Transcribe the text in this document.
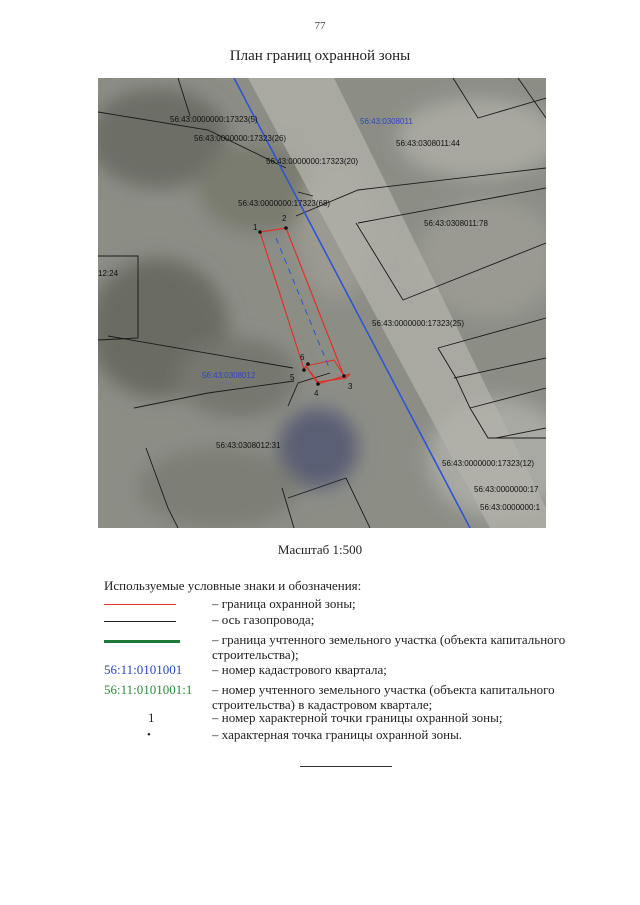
77
План границ охранной зоны
1
2
3
4
5
6
56:43:0000000:17323(5)
56:43:0000000:17323(26)
56:43:0000000:17323(20)
56:43:0000000:17323(68)
56:43:0308011:44
56:43:0308011:78
56:43:0000000:17323(25)
56:43:0308012:31
56:43:0000000:17323(12)
56:43:0000000:17
56:43:0000000:1
12:24
56:43:0308011
56:43:0308012
Масштаб 1:500
Используемые условные знаки и обозначения:
– граница охранной зоны;
– ось газопровода;
– граница учтенного земельного участка (объекта капитального строительства);
56:11:0101001 – номер кадастрового квартала;
56:11:0101001:1 – номер учтенного земельного участка (объекта капитального строительства) в кадастровом квартале;
1	– номер характерной точки границы охранной зоны;
•	– характерная точка границы охранной зоны.
